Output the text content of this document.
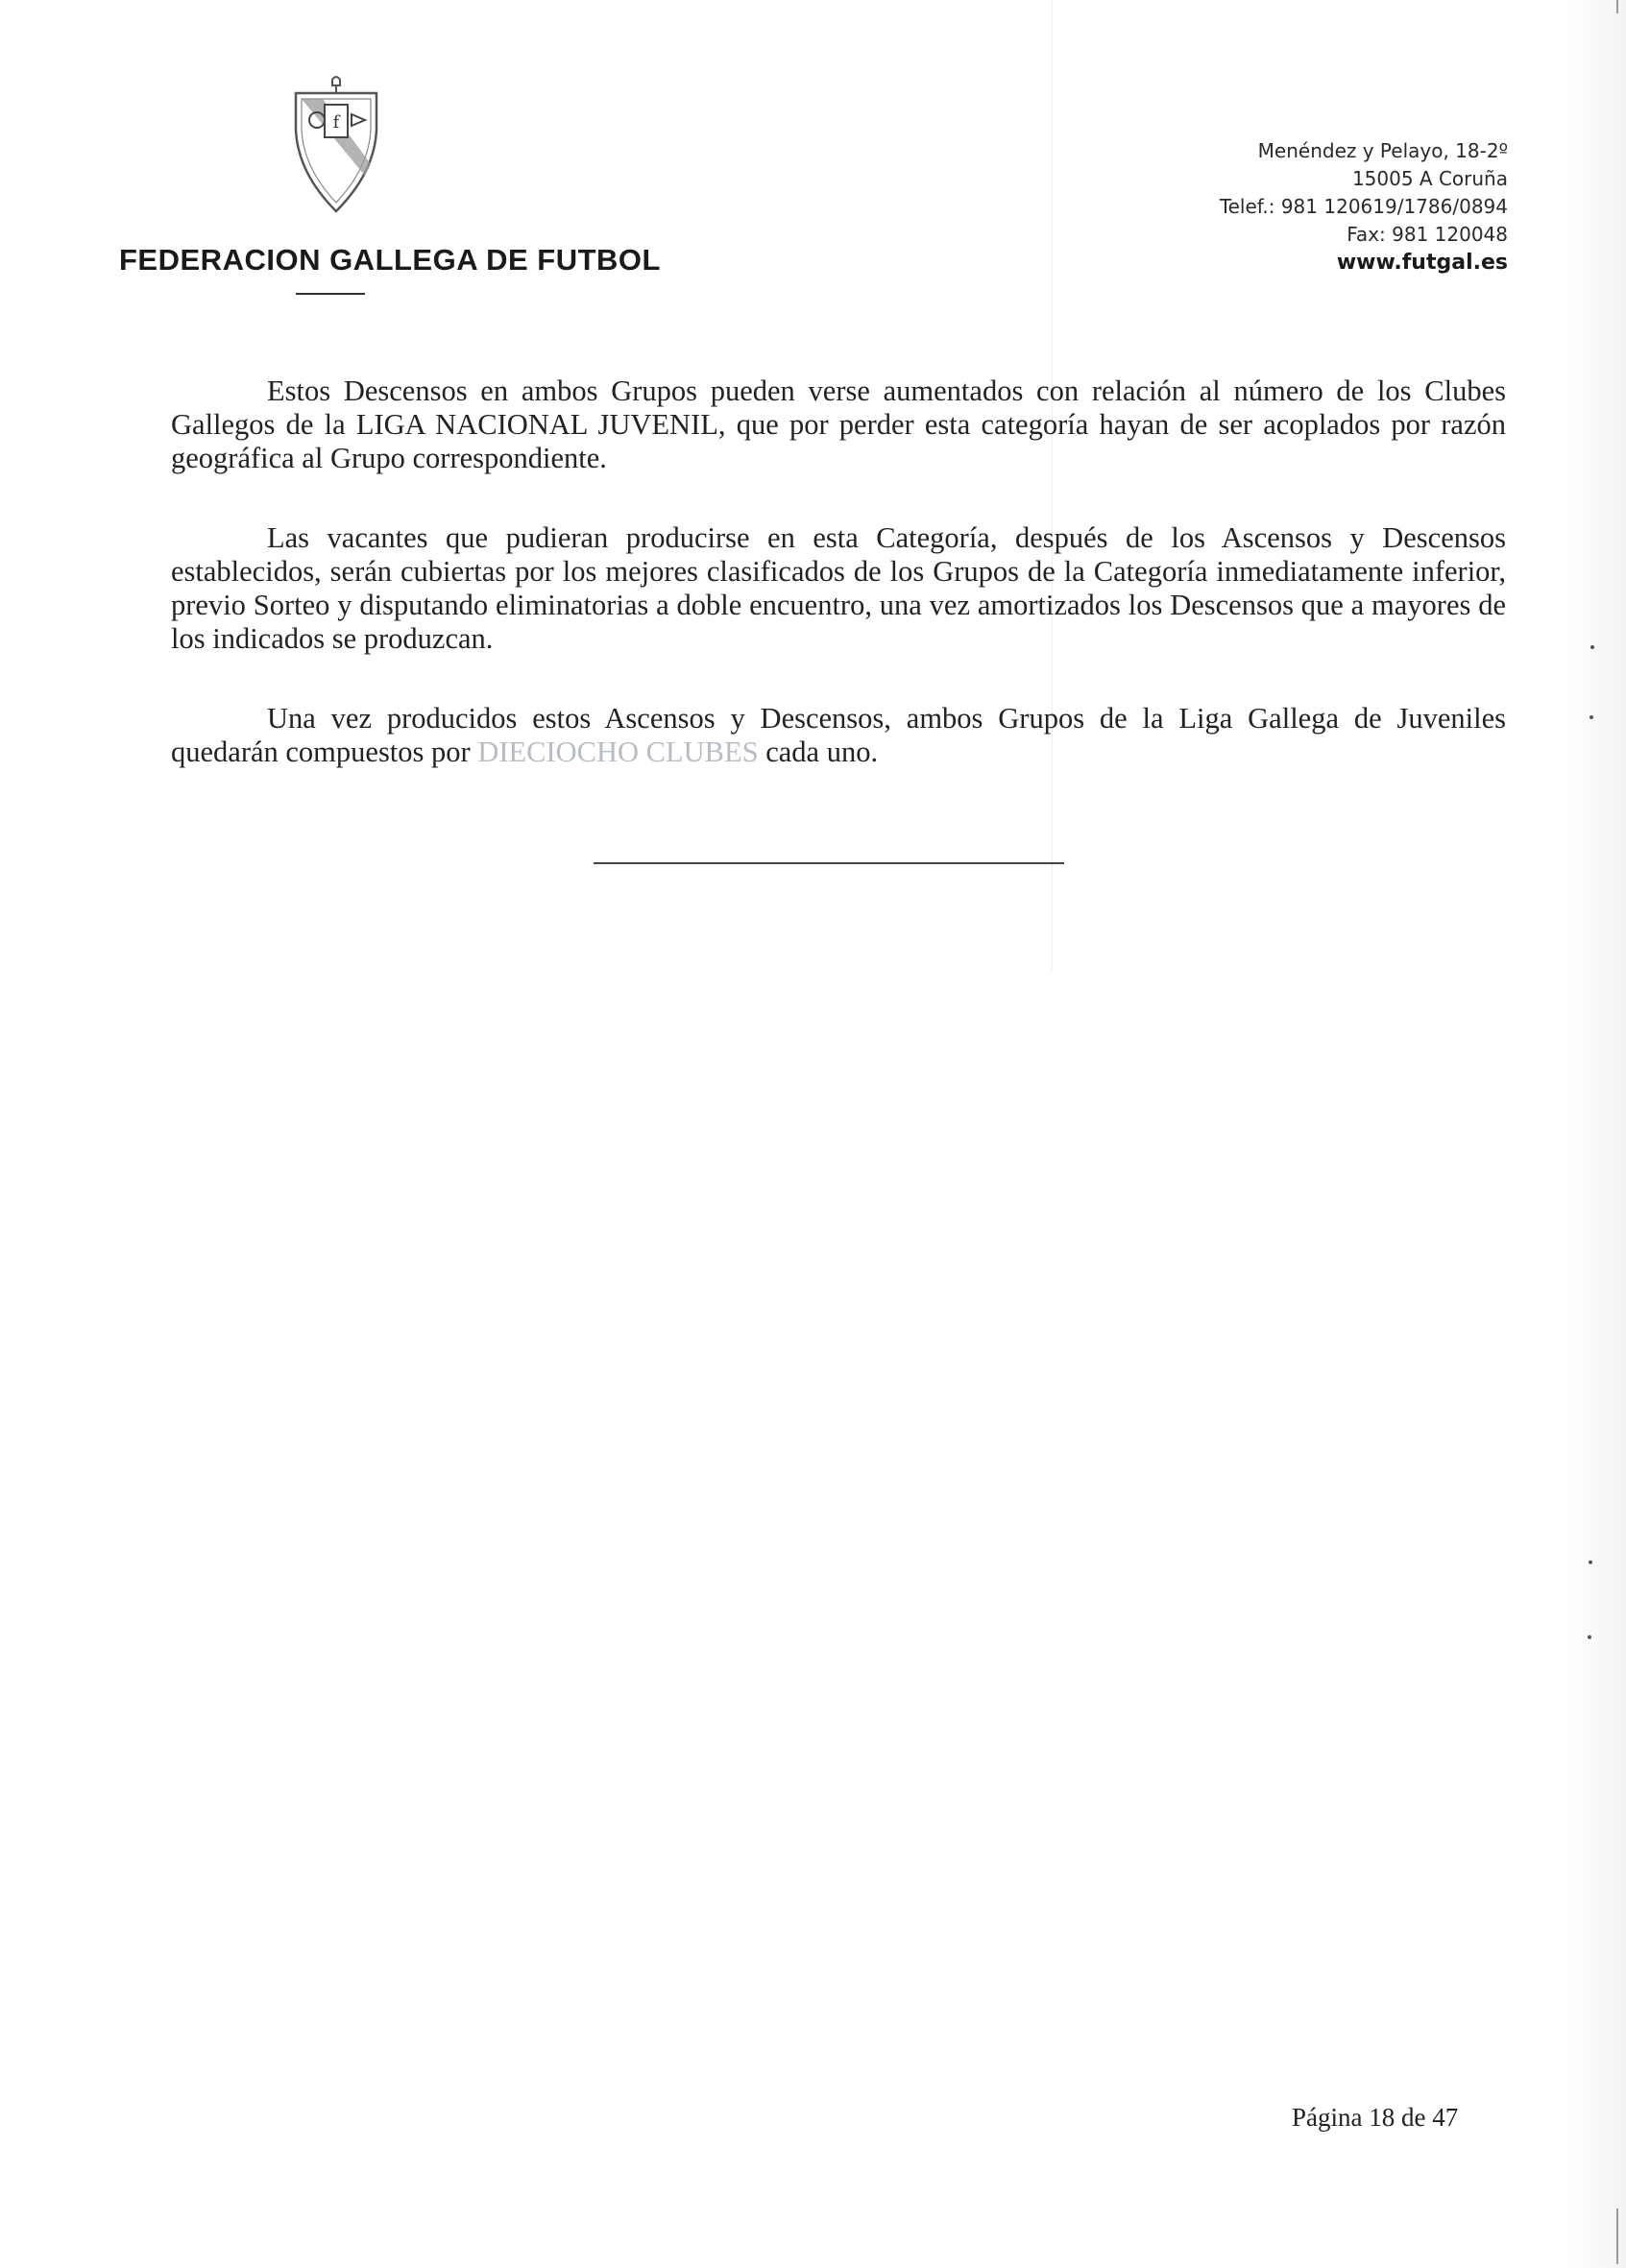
f
FEDERACION GALLEGA DE FUTBOL
Menéndez y Pelayo, 18-2º
15005 A Coruña
Telef.: 981 120619/1786/0894
Fax: 981 120048
www.futgal.es

Estos Descensos en ambos Grupos pueden verse aumentados con relación al número de los Clubes Gallegos de la LIGA NACIONAL JUVENIL, que por perder esta categoría hayan de ser acoplados por razón geográfica al Grupo correspondiente.

Las vacantes que pudieran producirse en esta Categoría, después de los Ascensos y Descensos establecidos, serán cubiertas por los mejores clasificados de los Grupos de la Categoría inmediatamente inferior, previo Sorteo y disputando eliminatorias a doble encuentro, una vez amortizados los Descensos que a mayores de los indicados se produzcan.

Una vez producidos estos Ascensos y Descensos, ambos Grupos de la Liga Gallega de Juveniles quedarán compuestos por DIECIOCHO CLUBES cada uno.

Página 18 de 47
